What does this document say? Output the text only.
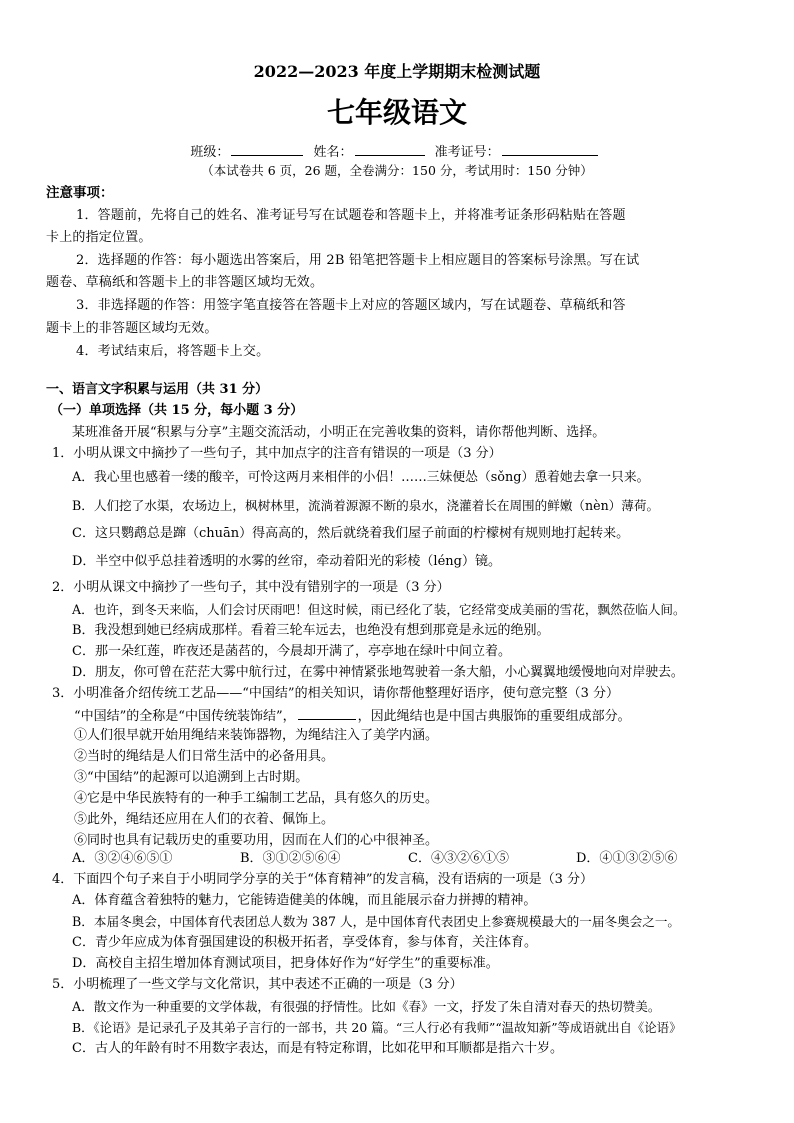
2022—2023 年度上学期期末检测试题
七年级语文
班级：	姓名：	准考证号：
（本试卷共 6 页，26 题，全卷满分：150 分，考试用时：150 分钟）
注意事项：
1．答题前，先将自己的姓名、准考证号写在试题卷和答题卡上，并将准考证条形码粘贴在答题
卡上的指定位置。
2．选择题的作答：每小题选出答案后，用 2B 铅笔把答题卡上相应题目的答案标号涂黑。写在试
题卷、草稿纸和答题卡上的非答题区域均无效。
3．非选择题的作答：用签字笔直接答在答题卡上对应的答题区域内，写在试题卷、草稿纸和答
题卡上的非答题区域均无效。
4．考试结束后，将答题卡上交。
一、语言文字积累与运用（共 31 分）
（一）单项选择（共 15 分，每小题 3 分）
某班准备开展“积累与分享”主题交流活动，小明正在完善收集的资料，请你帮他判断、选择。
1．小明从课文中摘抄了一些句子，其中加点字的注音有错误的一项是（3 分）
A．我心里也感着一缕的酸辛，可怜这两月来相伴的小侣！……三妹便怂（sǒng）恿着她去拿一只来。
B．人们挖了水渠，农场边上，枫树林里，流淌着源源不断的泉水，浇灌着长在周围的鲜嫩（nèn）薄荷。
C．这只鹦鹉总是蹿（chuān）得高高的，然后就绕着我们屋子前面的柠檬树有规则地打起转来。
D．半空中似乎总挂着透明的水雾的丝帘，牵动着阳光的彩棱（léng）镜。
2．小明从课文中摘抄了一些句子，其中没有错别字的一项是（3 分）
A．也许，到冬天来临，人们会讨厌雨吧！但这时候，雨已经化了装，它经常变成美丽的雪花，飘然莅临人间。
B．我没想到她已经病成那样。看着三轮车远去，也绝没有想到那竟是永远的绝别。
C．那一朵红莲，昨夜还是菡萏的，今晨却开满了，亭亭地在绿叶中间立着。
D．朋友，你可曾在茫茫大雾中航行过，在雾中神情紧张地驾驶着一条大船，小心翼翼地缓慢地向对岸驶去。
3．小明准备介绍传统工艺品——“中国结”的相关知识，请你帮他整理好语序，使句意完整（3 分）
“中国结”的全称是“中国传统装饰结”，	，因此绳结也是中国古典服饰的重要组成部分。
①人们很早就开始用绳结来装饰器物，为绳结注入了美学内涵。
②当时的绳结是人们日常生活中的必备用具。
③“中国结”的起源可以追溯到上古时期。
④它是中华民族特有的一种手工编制工艺品，具有悠久的历史。
⑤此外，绳结还应用在人们的衣着、佩饰上。
⑥同时也具有记载历史的重要功用，因而在人们的心中很神圣。
A．③②④⑥⑤①	B．③①②⑤⑥④	C．④③②⑥①⑤	D．④①③②⑤⑥
4．下面四个句子来自于小明同学分享的关于“体育精神”的发言稿，没有语病的一项是（3 分）
A．体育蕴含着独特的魅力，它能铸造健美的体魄，而且能展示奋力拼搏的精神。
B．本届冬奥会，中国体育代表团总人数为 387 人，是中国体育代表团史上参赛规模最大的一届冬奥会之一。
C．青少年应成为体育强国建设的积极开拓者，享受体育，参与体育，关注体育。
D．高校自主招生增加体育测试项目，把身体好作为“好学生”的重要标准。
5．小明梳理了一些文学与文化常识，其中表述不正确的一项是（3 分）
A．散文作为一种重要的文学体裁，有很强的抒情性。比如《春》一文，抒发了朱自清对春天的热切赞美。
B．《论语》是记录孔子及其弟子言行的一部书，共 20 篇。“三人行必有我师”“温故知新”等成语就出自《论语》
C．古人的年龄有时不用数字表达，而是有特定称谓，比如花甲和耳顺都是指六十岁。
